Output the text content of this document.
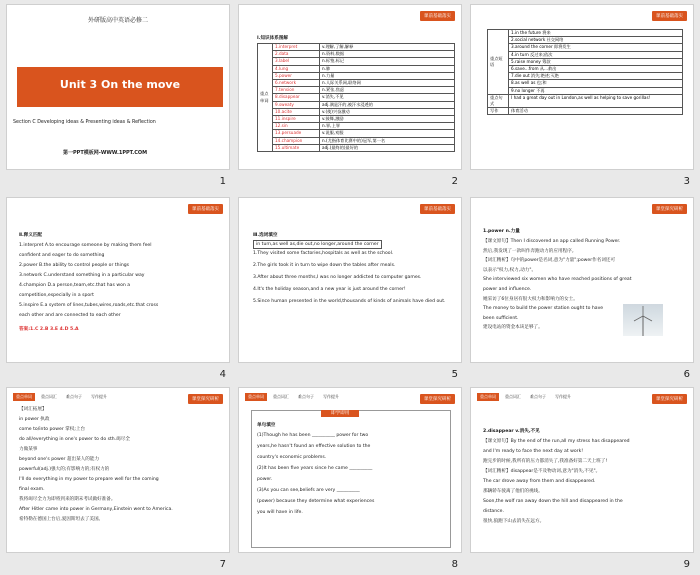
外研版高中英语必修二
Unit 3 On the move
Section C Developing ideas & Presenting ideas & Reflection
第一PPT模板网-WWW.1PPT.COM
1
课前基础落实
Ⅰ.知识体系图解
重点单词	1.interpret	v.理解,了解,解释
	2.data	n.资料,数据
	3.label	n.标签,标记
	4.lung	n.肺
	5.power	n.力量
	6.network	n.人际关系网,联络网
	7.tension	n.紧张,焦虑
	8.disappear	v.消失,不见
	9.sweaty	adj.满是汗的,被汗水浸透的
	10.acite	v.(使)兴奋激动
	11.inspire	v.鼓舞,激励
	12.sin	n.罪,上罪
	13.persuade	v.说服,劝服
	14.champion	n.(尤指体育比赛中的)冠军,第一名
	15.ultimate	adj.(最终的)最好的
2
课前基础落实
重点短语	1.in the future 将来
	2.social network 社交网络
	3.around the corner 即将发生
	4.in turn 反过来;依次
	5.raise money 筹款
	6.save...from 从...救出
	7.die out 消失;绝迹;灭绝
	8.as well as 也;和
	9.no longer 不再
重点句式	I had a great day out in London,as well as helping to save gorillas!
写作	体育活动
3
课前基础落实
Ⅱ.释义匹配
1.interpret A.to encourage someone by making them feel
confident and eager to do something
2.power B.the ability to control people or things
3.network C.understand something in a particular way
4.champion D.a person,team,etc.that has won a
competition,especially in a sport
5.inspire E.a system of lines,tubes,wires,roads,etc.that cross
each other and are connected to each other
答案:1.C 2.B 3.E 4.D 5.A
4
课前基础落实
Ⅲ.选词填空
in turn,as well as,die out,no longer,around the corner
1.They visited some factories,hospitals as well as the school.
2.The girls took it in turn to wipe down the tables after meals.
3.After about three months,I was no longer addicted to computer games.
4.It's the holiday season,and a new year is just around the corner!
5.Since human presented in the world,thousands of kinds of animals have died out.
5
课堂探究研析
1.power n.力量
【课文原句】Then I discovered an app called Running Power.
然后,我发现了一款叫作奔跑动力的应用程序。
【词汇精析】句中的power是名词,意为"力量";power作名词还可
以表示"权力,权力,动力"。
She interviewed six women who have reached positions of great
power and influence.
她采访了6位身居有很大权力和影响力的女士。
The money to build the power station ought to have
been sufficient.
建设电站的资金本该足够了。
6
重点单词	重点词汇	难点句子	写作提升
课堂探究研析
【词汇拓展】
in power 执政
come to/into power 掌权;上台
do all/everything in one's power to do sth.竭尽全
力做某事
beyond one's power 超出某人的能力
powerful(adj.)强大的;有影响力的;有权力的
I'll do everything in my power to prepare well for the coming
final exam.
我将竭尽全力为即将到来的期末考试做好准备。
After Hitler came into power in Germany,Einstein went to America.
希特勒在德国上台后,爱因斯坦去了美国。
7
重点单词	重点词汇	难点句子	写作提升
课堂探究研析
即学即用
单句填空
(1)Though he has been __________ power for two
years,he hasn't found an effective solution to the
country's economic problems.
(2)It has been five years since he came __________
power.
(3)As you can see,beliefs are very __________
(power) because they determine what experiences
you will have in life.
8
重点单词	重点词汇	难点句子	写作提升
课堂探究研析
2.disappear v.消失,不见
【课文原句】By the end of the run,all my stress has disappeared
and I'm ready to face the next day at work!
跑完步的时候,我所有的压力都消失了,我准备好第二天上班了!
【词汇精析】disappear是不及物动词,意为"消失,不见"。
The car drove away from them and disappeared.
那辆轿车驶离了他们的视线。
Soon,the wolf ran away down the hill and disappeared in the
distance.
很快,狼跑下山去消失在远方。
9
